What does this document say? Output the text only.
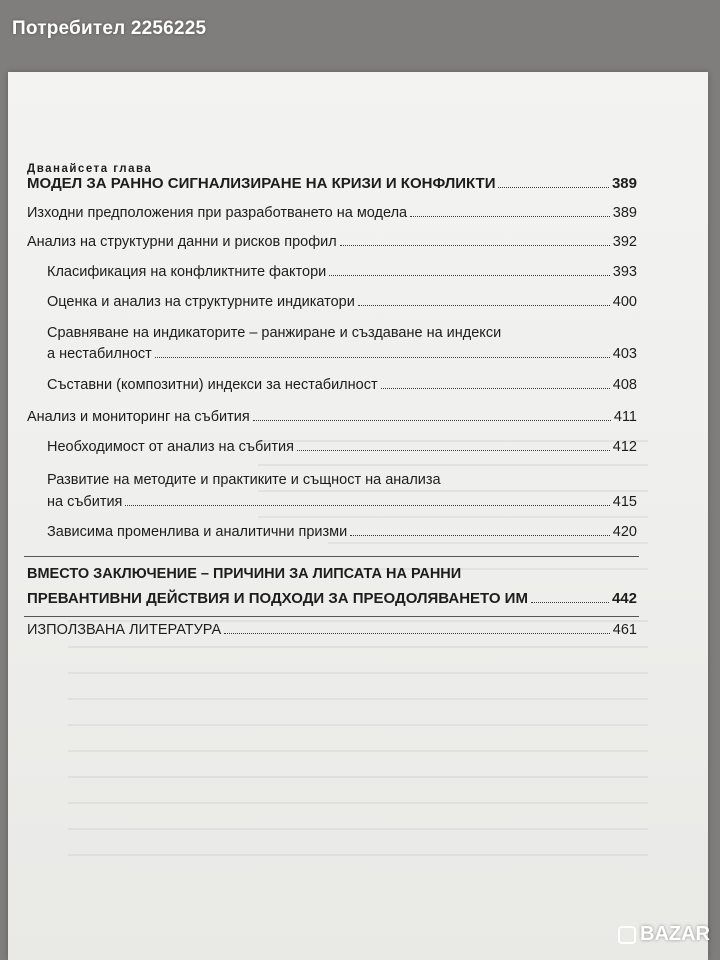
Потребител 2256225
Дванайсета глава
МОДЕЛ ЗА РАННО СИГНАЛИЗИРАНЕ НА КРИЗИ И КОНФЛИКТИ	389
Изходни предположения при разработването на модела	389
Анализ на структурни данни и рисков профил	392
Класификация на конфликтните фактори	393
Оценка и анализ на структурните индикатори	400
Сравняване на индикаторите – ранжиране и създаване на индекси
а нестабилност	403
Съставни (композитни) индекси за нестабилност	408
Анализ и мониторинг на събития	411
Необходимост от анализ на събития	412
Развитие на методите и практиките и същност на анализа
на събития	415
Зависима променлива и аналитични призми	420
ВМЕСТО ЗАКЛЮЧЕНИЕ – ПРИЧИНИ ЗА ЛИПСАТА НА РАННИ
ПРЕВАНТИВНИ ДЕЙСТВИЯ И ПОДХОДИ ЗА ПРЕОДОЛЯВАНЕТО ИМ	442
ИЗПОЛЗВАНА ЛИТЕРАТУРА	461
BAZAR
